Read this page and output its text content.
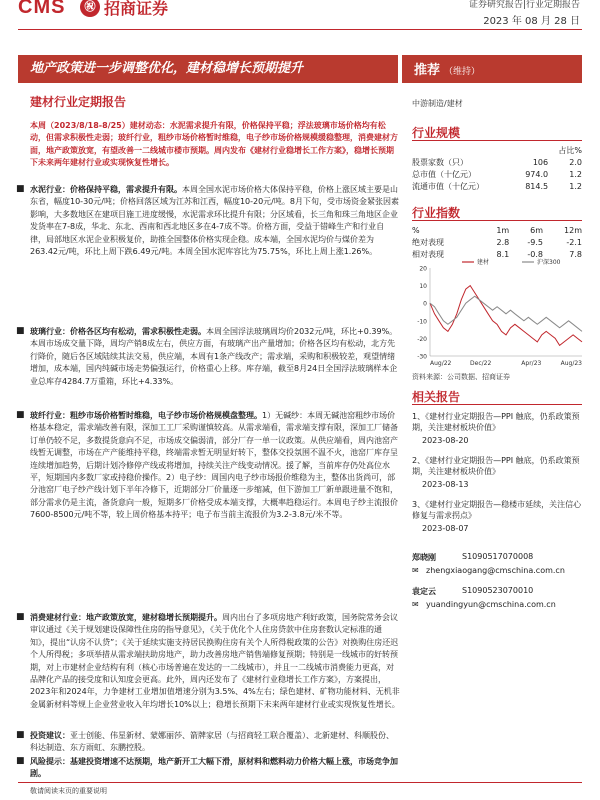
CMS	㊗ 招商证券	证券研究报告|行业定期报告
2023 年 08 月 28 日
地产政策进一步调整优化，建材稳增长预期提升	推荐 （维持）
建材行业定期报告	中游制造/建材
本周（2023/8/18-8/25）建材动态：水泥需求提升有限，价格保持平稳；浮法玻璃市场价格均有松动，但需求积极性走弱；玻纤行业，粗纱市场价格暂时维稳，电子纱市场价格规模缓稳整理，消费建材方面，地产政策放宽，有望改善一二线城市楼市预期。周内发布《建材行业稳增长工作方案》，稳增长预期下未来两年建材行业或实现恢复性增长。
■ 水泥行业：价格保持平稳，需求提升有限。本周全国水泥市场价格大体保持平稳，价格上涨区域主要是山东省，幅度10-30元/吨；价格回落区域为江苏和江西，幅度10-20元/吨。8月下旬，受市场资金紧张因素影响，大多数地区在建项目施工进度缓慢，水泥需求环比提升有限；分区域看，长三角和珠三角地区企业发货率在7-8成，华北、东北、西南和西北地区多在4-7成不等。价格方面，受益于错峰生产和行业自律，局部地区水泥企业积极复价，助推全国整体价格实现企稳。成本端，全国水泥均价与煤价差为263.42元/吨，环比上周下跌6.49元/吨。本周全国水泥库容比为75.75%，环比上周上涨1.26%。
■ 玻璃行业：价格各区均有松动，需求积极性走弱。本周全国浮法玻璃周均价2032元/吨，环比+0.39%。本周市场成交量下降，周均产销8成左右，供应方面，有玻璃产出产量增加；价格各区均有松动，北方先行降价，随后各区域陆续其法交易，供应端，本周有1条产线改产；需求端，采购和积极较差，观望情绪增加，成本端，国内纯碱市场走势偏强运行，价格重心上移。库存端，截至8月24日全国浮法玻璃样本企业总库存4284.7万重箱，环比+4.33%。
■ 玻纤行业：粗纱市场价格暂时维稳，电子纱市场价格规模盘整理。1）无碱纱：本周无碱池窑粗纱市场价格基本稳定，需求端改善有限，深加工工厂采购谨慎较高。从需求端看，需求端支撑有限，深加工厂储备订单仍较不足，多数提货意向不足，市场成交偏弱清，部分厂存一单一议政策。从供应端看，周内池窑产线暂无调整，市场在产产能维持平稳，终端需求暂无明显好转下，整体交投氛围不温不火，池窑厂库存呈连续增加趋势，后期计划冷修停产线或将增加，持续关注产线变动情况。援了解，当前库存仍处高位水平，短期国内多数厂家或持稳价操作。2）电子纱：周国内电子纱市场报价维稳为主，整体出货尚可，部分池窑厂电子纱产线计划下半年冷修下，近期部分厂价量逐一步缩减，但下游加工厂新单跟进量不饱和，部分需求仍是主流，备货意向一般，短期多厂价格受成本端支撑，大概率趋稳运行。本周电子纱主流报价7600-8500元/吨不等，较上周价格基本持平；电子布当前主流报价为3.2-3.8元/米不等。
■ 消费建材行业：地产政策放宽，建材稳增长预期提升。周内出台了多项房地产利好政策，国务院常务会议审议通过《关于规划建设保障性住房的指导意见》，《关于优化个人住房贷款中住房套数认定标准的通知》，提出“认房不认贷”；《关于延续实施支持居民换购住房有关个人所得税政策的公告》对换购住房还迟个人所得税；多项举措从需求端扶助房地产，助力改善房地产销售端修复预期；特别是一线城市的好转预期，对上市建材企业结构有利（核心市场普遍在发达的一二线城市），并且一二线城市消费能力更高，对品牌化产品的接受度和认知度会更高。此外，周内还发布了《建材行业稳增长工作方案》，方案提出，2023年和2024年，力争建材工业增加值增速分别为3.5%、4%左右；绿色建材、矿物功能材料、无机非金属新材料等规上企业营业收入年均增长10%以上；稳增长预期下未来两年建材行业或实现恢复性增长。
■ 投资建议：亚士创能、伟星新材、蒙娜丽莎、箭牌家居（与招商轻工联合覆盖）、北新建材、科顺股份、科达制造、东方雨虹、东鹏控股。
■ 风险提示：基建投资增速不达预期，地产新开工大幅下滑，原材料和燃料动力价格大幅上涨，市场竞争加剧。
行业规模
		占比%
股票家数（只）	106	2.0
总市值（十亿元）	974.0	1.2
流通市值（十亿元）	814.5	1.2
行业指数
%	1m	6m	12m
绝对表现	2.8	-9.5	-2.1
相对表现	8.1	-0.8	7.8
20
10
0
-10
-20
-30
Aug/22	Dec/22	Apr/23	Aug/23
建材	沪深300
资料来源：公司数据、招商证券
相关报告
1、《建材行业定期报告—PPI 触底，仍系政策预期，关注建材板块价值》
2023-08-20
2、《建材行业定期报告—PPI 触底，仍系政策预期，关注建材板块价值》
2023-08-13
3、《建材行业定期报告—稳楼市延续，关注信心修复与需求拐点》
2023-08-07
郑晓刚	S1090517070008
✉ zhengxiaogang@cmschina.com.cn
袁定云	S1090523070010
✉ yuandingyun@cmschina.com.cn
敬请阅读末页的重要说明
